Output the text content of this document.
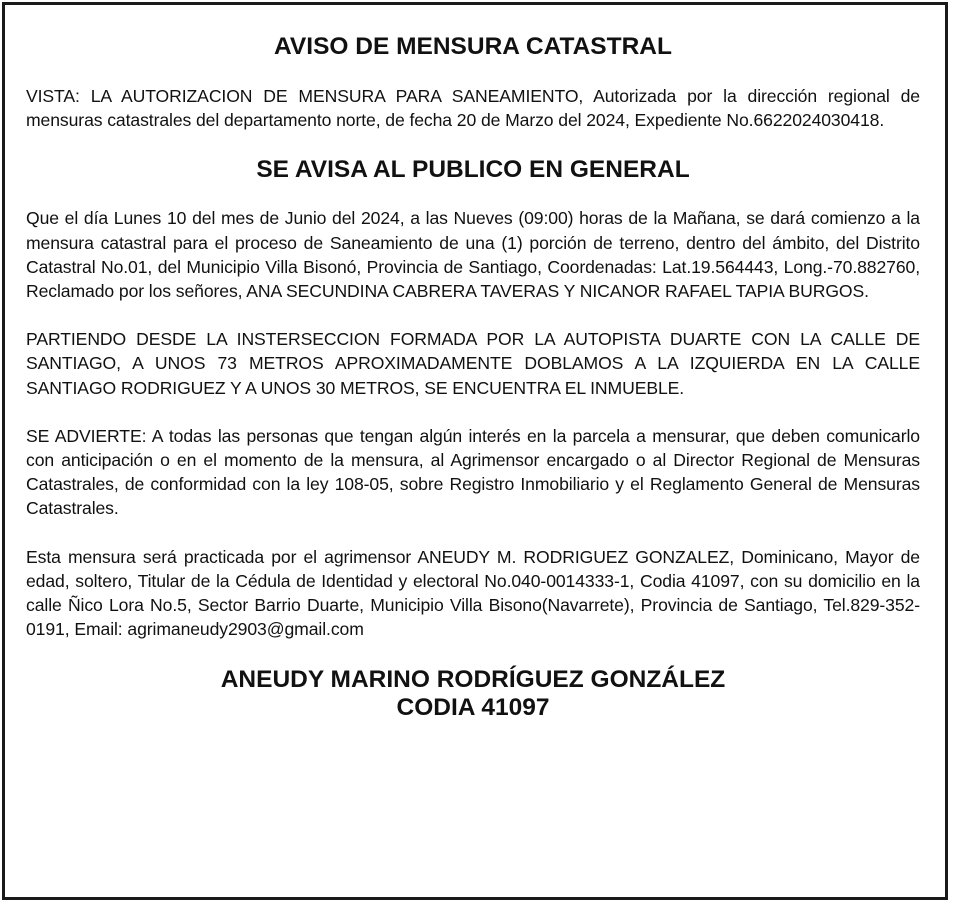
AVISO DE MENSURA CATASTRAL

VISTA: LA AUTORIZACION DE MENSURA PARA SANEAMIENTO, Autorizada por la dirección regional de mensuras catastrales del departamento norte, de fecha 20 de Marzo del 2024, Expediente No.6622024030418.

SE AVISA AL PUBLICO EN GENERAL

Que el día Lunes 10 del mes de Junio del 2024, a las Nueves (09:00) horas de la Mañana, se dará comienzo a la mensura catastral para el proceso de Saneamiento de una (1) porción de terreno, dentro del ámbito, del Distrito Catastral No.01, del Municipio Villa Bisonó, Provincia de Santiago, Coordenadas: Lat.19.564443, Long.-70.882760, Reclamado por los señores, ANA SECUNDINA CABRERA TAVERAS Y NICANOR RAFAEL TAPIA BURGOS.

PARTIENDO DESDE LA INSTERSECCION FORMADA POR LA AUTOPISTA DUARTE CON LA CALLE DE SANTIAGO, A UNOS 73 METROS APROXIMADAMENTE DOBLAMOS A LA IZQUIERDA EN LA CALLE SANTIAGO RODRIGUEZ Y A UNOS 30 METROS, SE ENCUENTRA EL INMUEBLE.

SE ADVIERTE: A todas las personas que tengan algún interés en la parcela a mensurar, que deben comunicarlo con anticipación o en el momento de la mensura, al Agrimensor encargado o al Director Regional de Mensuras Catastrales, de conformidad con la ley 108-05, sobre Registro Inmobiliario y el Reglamento General de Mensuras Catastrales.

Esta mensura será practicada por el agrimensor ANEUDY M. RODRIGUEZ GONZALEZ, Dominicano, Mayor de edad, soltero, Titular de la Cédula de Identidad y electoral No.040-0014333-1, Codia 41097, con su domicilio en la calle Ñico Lora No.5, Sector Barrio Duarte, Municipio Villa Bisono(Navarrete), Provincia de Santiago, Tel.829-352-0191, Email: agrimaneudy2903@gmail.com

ANEUDY MARINO RODRÍGUEZ GONZÁLEZ
CODIA 41097
